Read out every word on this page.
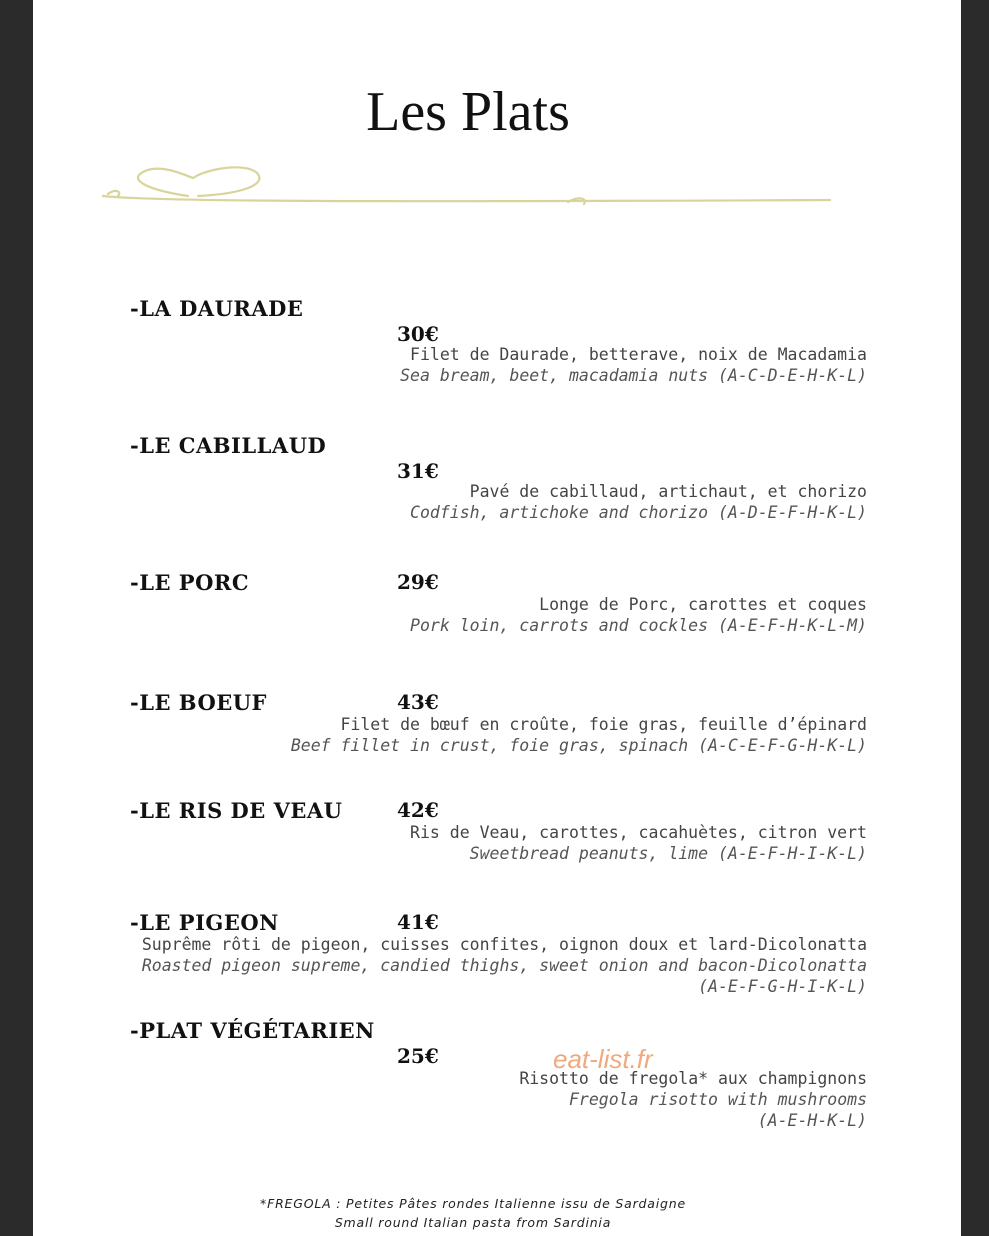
Les Plats
-LA DAURADE
30€
Filet de Daurade, betterave, noix de Macadamia
Sea bream, beet, macadamia nuts (A-C-D-E-H-K-L)
-LE CABILLAUD
31€
Pavé de cabillaud, artichaut, et chorizo
Codfish, artichoke and chorizo (A-D-E-F-H-K-L)
-LE PORC	29€
Longe de Porc, carottes et coques
Pork loin, carrots and cockles (A-E-F-H-K-L-M)
-LE BOEUF	43€
Filet de bœuf en croûte, foie gras, feuille d’épinard
Beef fillet in crust, foie gras, spinach (A-C-E-F-G-H-K-L)
-LE RIS DE VEAU	42€
Ris de Veau, carottes, cacahuètes, citron vert
Sweetbread peanuts, lime (A-E-F-H-I-K-L)
-LE PIGEON	41€
Suprême rôti de pigeon, cuisses confites, oignon doux et lard-Dicolonatta
Roasted pigeon supreme, candied thighs, sweet onion and bacon-Dicolonatta
(A-E-F-G-H-I-K-L)
-PLAT VÉGÉTARIEN
25€
Risotto de fregola* aux champignons
Fregola risotto with mushrooms
(A-E-H-K-L)
eat-list.fr
*FREGOLA : Petites Pâtes rondes Italienne issu de Sardaigne
Small round Italian pasta from Sardinia
